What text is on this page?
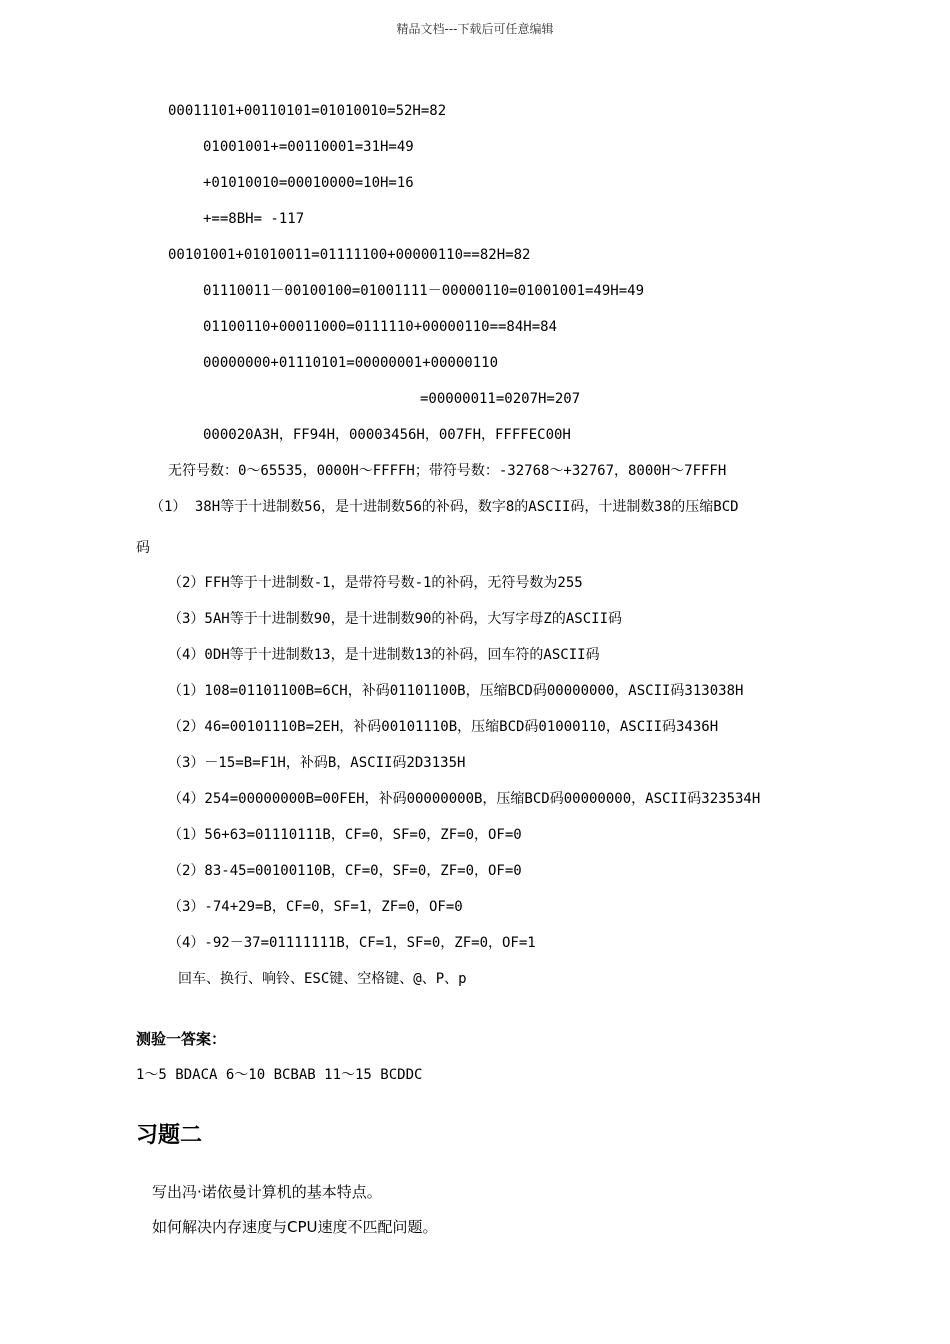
精品文档---下载后可任意编辑
00011101+00110101=01010010=52H=82
01001001+=00110001=31H=49
+01010010=00010000=10H=16
+==8BH= -117
00101001+01010011=01111100+00000110==82H=82
01110011－00100100=01001111－00000110=01001001=49H=49
01100110+00011000=0111110+00000110==84H=84
00000000+01110101=00000001+00000110
=00000011=0207H=207
000020A3H，FF94H，00003456H，007FH，FFFFEC00H
无符号数：0～65535，0000H～FFFFH；带符号数：-32768～+32767，8000H～7FFFH
（1） 38H等于十进制数56，是十进制数56的补码，数字8的ASCII码，十进制数38的压缩BCD
码
（2）FFH等于十进制数-1，是带符号数-1的补码，无符号数为255
（3）5AH等于十进制数90，是十进制数90的补码，大写字母Z的ASCII码
（4）0DH等于十进制数13，是十进制数13的补码，回车符的ASCII码
（1）108=01101100B=6CH，补码01101100B，压缩BCD码00000000，ASCII码313038H
（2）46=00101110B=2EH，补码00101110B，压缩BCD码01000110，ASCII码3436H
（3）－15=B=F1H，补码B，ASCII码2D3135H
（4）254=00000000B=00FEH，补码00000000B，压缩BCD码00000000，ASCII码323534H
（1）56+63=01110111B，CF=0，SF=0，ZF=0，OF=0
（2）83-45=00100110B，CF=0，SF=0，ZF=0，OF=0
（3）-74+29=B，CF=0，SF=1，ZF=0，OF=0
（4）-92－37=01111111B，CF=1，SF=0，ZF=0，OF=1
回车、换行、响铃、ESC键、空格键、@、P、p
测验一答案：
1～5 BDACA 6～10 BCBAB 11～15 BCDDC
习题二
写出冯·诺依曼计算机的基本特点。
如何解决内存速度与CPU速度不匹配问题。
